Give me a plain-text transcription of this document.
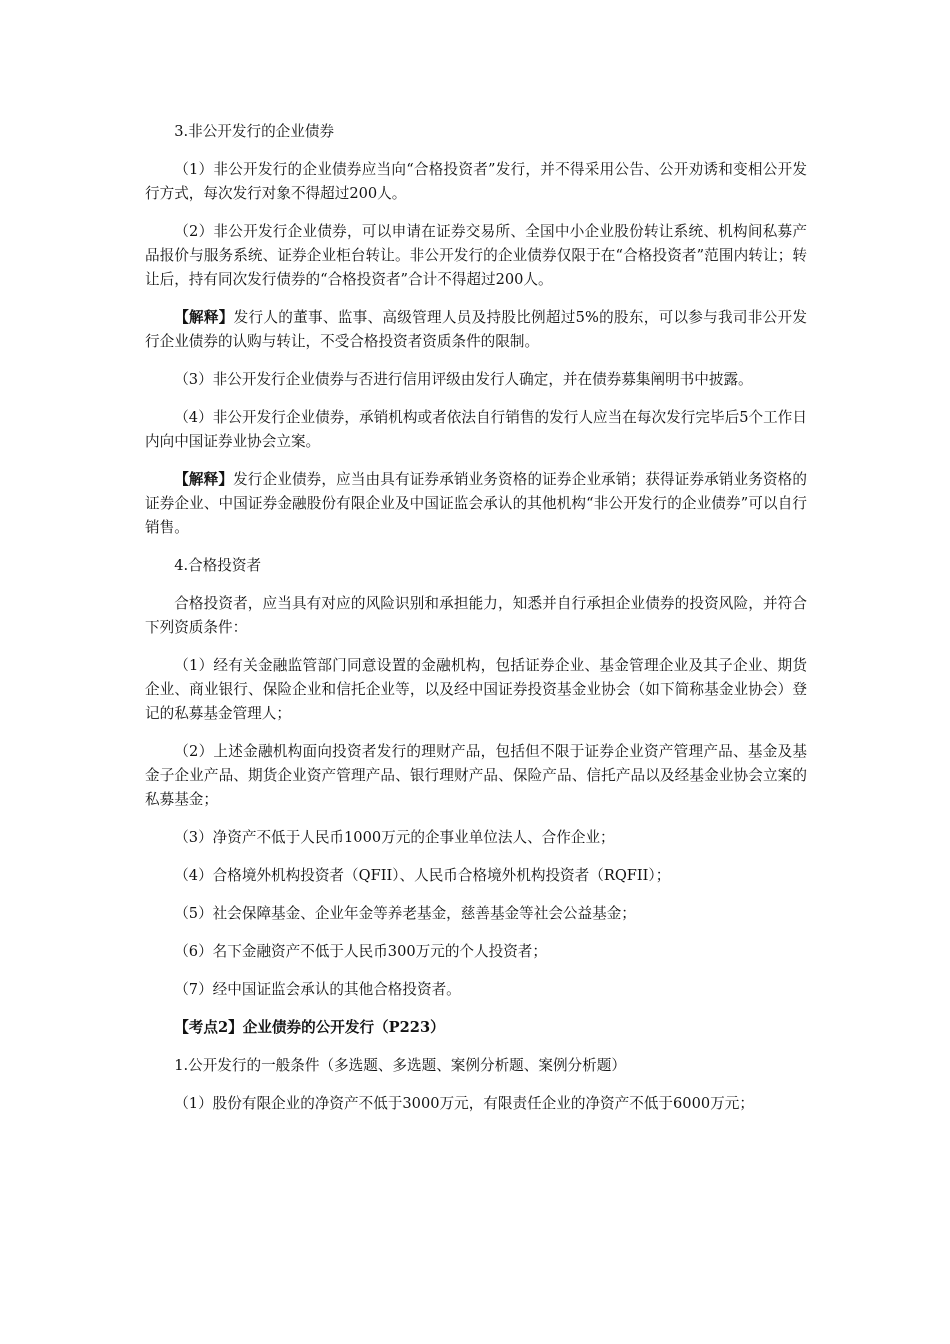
3.非公开发行的企业债券

（1）非公开发行的企业债券应当向“合格投资者”发行，并不得采用公告、公开劝诱和变相公开发行方式，每次发行对象不得超过200人。

（2）非公开发行企业债券，可以申请在证券交易所、全国中小企业股份转让系统、机构间私募产品报价与服务系统、证券企业柜台转让。非公开发行的企业债券仅限于在“合格投资者”范围内转让；转让后，持有同次发行债券的“合格投资者”合计不得超过200人。

【解释】发行人的董事、监事、高级管理人员及持股比例超过5%的股东，可以参与我司非公开发行企业债券的认购与转让，不受合格投资者资质条件的限制。

（3）非公开发行企业债券与否进行信用评级由发行人确定，并在债券募集阐明书中披露。

（4）非公开发行企业债券，承销机构或者依法自行销售的发行人应当在每次发行完毕后5个工作日内向中国证券业协会立案。

【解释】发行企业债券，应当由具有证券承销业务资格的证券企业承销；获得证券承销业务资格的证券企业、中国证券金融股份有限企业及中国证监会承认的其他机构“非公开发行的企业债券”可以自行销售。

4.合格投资者

合格投资者，应当具有对应的风险识别和承担能力，知悉并自行承担企业债券的投资风险，并符合下列资质条件：

（1）经有关金融监管部门同意设置的金融机构，包括证券企业、基金管理企业及其子企业、期货企业、商业银行、保险企业和信托企业等，以及经中国证券投资基金业协会（如下简称基金业协会）登记的私募基金管理人；

（2）上述金融机构面向投资者发行的理财产品，包括但不限于证券企业资产管理产品、基金及基金子企业产品、期货企业资产管理产品、银行理财产品、保险产品、信托产品以及经基金业协会立案的私募基金；

（3）净资产不低于人民币1000万元的企事业单位法人、合作企业；

（4）合格境外机构投资者（QFII）、人民币合格境外机构投资者（RQFII）；

（5）社会保障基金、企业年金等养老基金，慈善基金等社会公益基金；

（6）名下金融资产不低于人民币300万元的个人投资者；

（7）经中国证监会承认的其他合格投资者。

【考点2】企业债券的公开发行（P223）

1.公开发行的一般条件（多选题、多选题、案例分析题、案例分析题）

（1）股份有限企业的净资产不低于3000万元，有限责任企业的净资产不低于6000万元；
